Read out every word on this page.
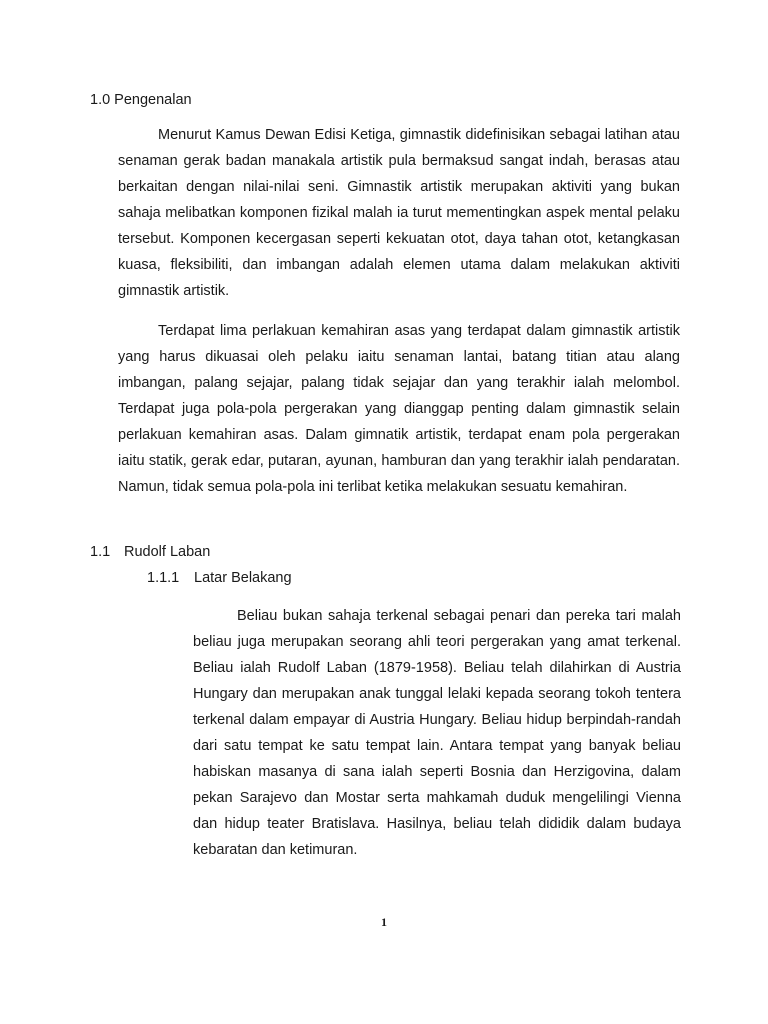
1.0 Pengenalan

Menurut Kamus Dewan Edisi Ketiga, gimnastik didefinisikan sebagai latihan atau senaman gerak badan manakala artistik pula bermaksud sangat indah, berasas atau berkaitan dengan nilai-nilai seni. Gimnastik artistik merupakan aktiviti yang bukan sahaja melibatkan komponen fizikal malah ia turut mementingkan aspek mental pelaku tersebut. Komponen kecergasan seperti kekuatan otot, daya tahan otot, ketangkasan kuasa, fleksibiliti, dan imbangan adalah elemen utama dalam melakukan aktiviti gimnastik artistik.

Terdapat lima perlakuan kemahiran asas yang terdapat dalam gimnastik artistik yang harus dikuasai oleh pelaku iaitu senaman lantai, batang titian atau alang imbangan, palang sejajar, palang tidak sejajar dan yang terakhir ialah melombol. Terdapat juga pola-pola pergerakan yang dianggap penting dalam gimnastik selain perlakuan kemahiran asas. Dalam gimnatik artistik, terdapat enam pola pergerakan iaitu statik, gerak edar, putaran, ayunan, hamburan dan yang terakhir ialah pendaratan. Namun, tidak semua pola-pola ini terlibat ketika melakukan sesuatu kemahiran.

1.1 Rudolf Laban
1.1.1 Latar Belakang

Beliau bukan sahaja terkenal sebagai penari dan pereka tari malah beliau juga merupakan seorang ahli teori pergerakan yang amat terkenal. Beliau ialah Rudolf Laban (1879-1958). Beliau telah dilahirkan di Austria Hungary dan merupakan anak tunggal lelaki kepada seorang tokoh tentera terkenal dalam empayar di Austria Hungary. Beliau hidup berpindah-randah dari satu tempat ke satu tempat lain. Antara tempat yang banyak beliau habiskan masanya di sana ialah seperti Bosnia dan Herzigovina, dalam pekan Sarajevo dan Mostar serta mahkamah duduk mengelilingi Vienna dan hidup teater Bratislava. Hasilnya, beliau telah dididik dalam budaya kebaratan dan ketimuran.

1
